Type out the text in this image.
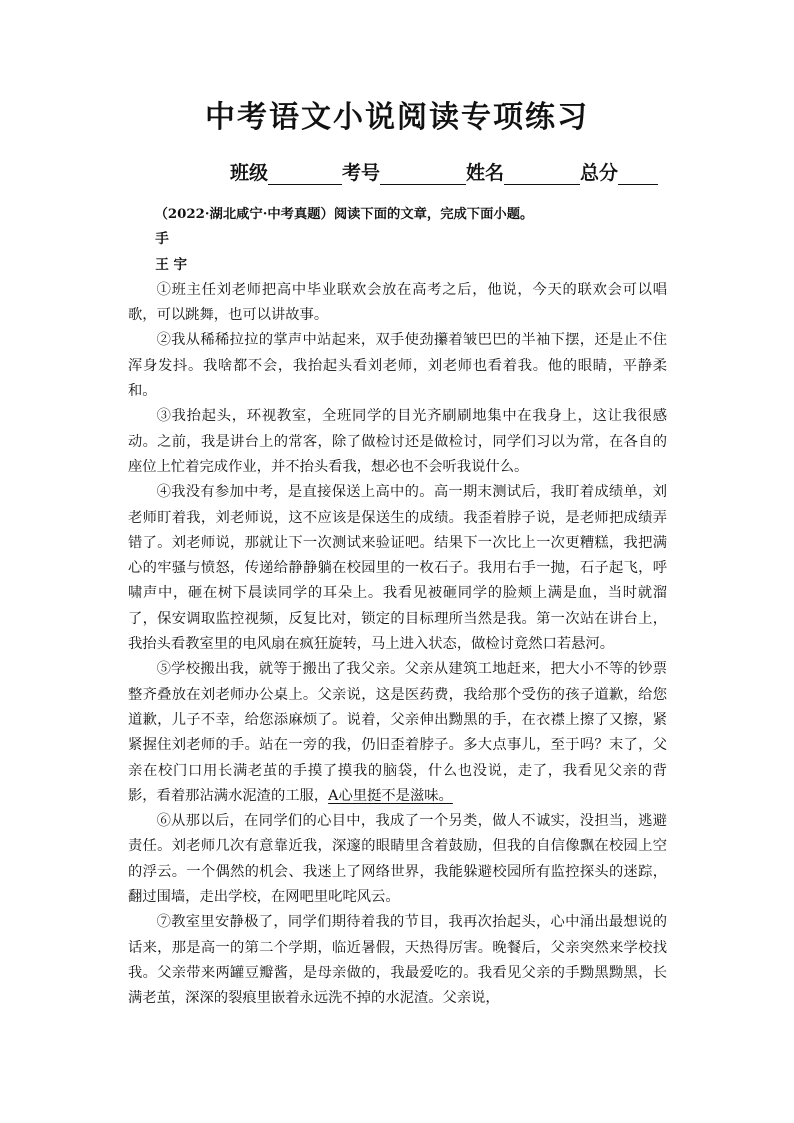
中考语文小说阅读专项练习
班级	考号	姓名	总分

（2022·湖北咸宁·中考真题）阅读下面的文章，完成下面小题。

手

王 宇

①班主任刘老师把高中毕业联欢会放在高考之后，他说，今天的联欢会可以唱歌，可以跳舞，也可以讲故事。

②我从稀稀拉拉的掌声中站起来，双手使劲攥着皱巴巴的半袖下摆，还是止不住浑身发抖。我啥都不会，我抬起头看刘老师，刘老师也看着我。他的眼睛，平静柔和。

③我抬起头，环视教室，全班同学的目光齐刷刷地集中在我身上，这让我很感动。之前，我是讲台上的常客，除了做检讨还是做检讨，同学们习以为常，在各自的座位上忙着完成作业，并不抬头看我，想必也不会听我说什么。

④我没有参加中考，是直接保送上高中的。高一期末测试后，我盯着成绩单，刘老师盯着我，刘老师说，这不应该是保送生的成绩。我歪着脖子说，是老师把成绩弄错了。刘老师说，那就让下一次测试来验证吧。结果下一次比上一次更糟糕，我把满心的牢骚与愤怒，传递给静静躺在校园里的一枚石子。我用右手一抛，石子起飞，呼啸声中，砸在树下晨读同学的耳朵上。我看见被砸同学的脸颊上满是血，当时就溜了，保安调取监控视频，反复比对，锁定的目标理所当然是我。第一次站在讲台上，我抬头看教室里的电风扇在疯狂旋转，马上进入状态，做检讨竟然口若悬河。

⑤学校搬出我，就等于搬出了我父亲。父亲从建筑工地赶来，把大小不等的钞票整齐叠放在刘老师办公桌上。父亲说，这是医药费，我给那个受伤的孩子道歉，给您道歉，儿子不幸，给您添麻烦了。说着，父亲伸出黝黑的手，在衣襟上擦了又擦，紧紧握住刘老师的手。站在一旁的我，仍旧歪着脖子。多大点事儿，至于吗？末了，父亲在校门口用长满老茧的手摸了摸我的脑袋，什么也没说，走了，我看见父亲的背影，看着那沾满水泥渣的工服，A心里挺不是滋味。

⑥从那以后，在同学们的心目中，我成了一个另类，做人不诚实，没担当，逃避责任。刘老师几次有意靠近我，深邃的眼睛里含着鼓励，但我的自信像飘在校园上空的浮云。一个偶然的机会、我迷上了网络世界，我能躲避校园所有监控探头的迷踪，翻过围墙，走出学校，在网吧里叱咤风云。

⑦教室里安静极了，同学们期待着我的节目，我再次抬起头，心中涌出最想说的话来，那是高一的第二个学期，临近暑假，天热得厉害。晚餐后，父亲突然来学校找我。父亲带来两罐豆瓣酱，是母亲做的，我最爱吃的。我看见父亲的手黝黑黝黑，长满老茧，深深的裂痕里嵌着永远洗不掉的水泥渣。父亲说，
